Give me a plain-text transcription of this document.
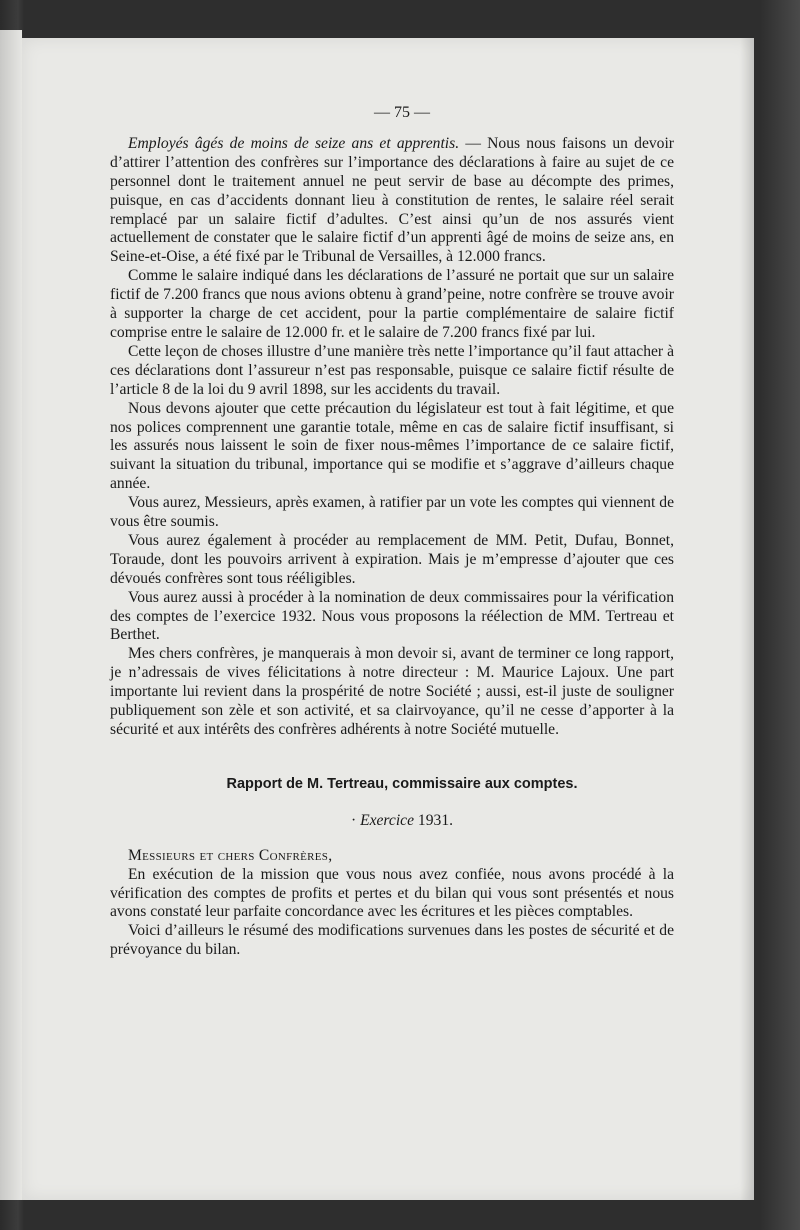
— 75 —

Employés âgés de moins de seize ans et apprentis. — Nous nous faisons un devoir d’attirer l’attention des confrères sur l’importance des déclarations à faire au sujet de ce personnel dont le traitement annuel ne peut servir de base au décompte des primes, puisque, en cas d’accidents donnant lieu à constitution de rentes, le salaire réel serait remplacé par un salaire fictif d’adultes. C’est ainsi qu’un de nos assurés vient actuellement de constater que le salaire fictif d’un apprenti âgé de moins de seize ans, en Seine-et-Oise, a été fixé par le Tribunal de Versailles, à 12.000 francs.

Comme le salaire indiqué dans les déclarations de l’assuré ne portait que sur un salaire fictif de 7.200 francs que nous avions obtenu à grand’peine, notre confrère se trouve avoir à supporter la charge de cet accident, pour la partie complémentaire de salaire fictif comprise entre le salaire de 12.000 fr. et le salaire de 7.200 francs fixé par lui.

Cette leçon de choses illustre d’une manière très nette l’importance qu’il faut attacher à ces déclarations dont l’assureur n’est pas responsable, puisque ce salaire fictif résulte de l’article 8 de la loi du 9 avril 1898, sur les accidents du travail.

Nous devons ajouter que cette précaution du législateur est tout à fait légitime, et que nos polices comprennent une garantie totale, même en cas de salaire fictif insuffisant, si les assurés nous laissent le soin de fixer nous-mêmes l’importance de ce salaire fictif, suivant la situation du tribunal, importance qui se modifie et s’aggrave d’ailleurs chaque année.

Vous aurez, Messieurs, après examen, à ratifier par un vote les comptes qui viennent de vous être soumis.

Vous aurez également à procéder au remplacement de MM. Petit, Dufau, Bonnet, Toraude, dont les pouvoirs arrivent à expiration. Mais je m’empresse d’ajouter que ces dévoués confrères sont tous rééligibles.

Vous aurez aussi à procéder à la nomination de deux commissaires pour la vérification des comptes de l’exercice 1932. Nous vous proposons la réélection de MM. Tertreau et Berthet.

Mes chers confrères, je manquerais à mon devoir si, avant de terminer ce long rapport, je n’adressais de vives félicitations à notre directeur : M. Maurice Lajoux. Une part importante lui revient dans la prospérité de notre Société ; aussi, est-il juste de souligner publiquement son zèle et son activité, et sa clairvoyance, qu’il ne cesse d’apporter à la sécurité et aux intérêts des confrères adhérents à notre Société mutuelle.

Rapport de M. Tertreau, commissaire aux comptes.

· Exercice 1931.

Messieurs et chers Confrères,

En exécution de la mission que vous nous avez confiée, nous avons procédé à la vérification des comptes de profits et pertes et du bilan qui vous sont présentés et nous avons constaté leur parfaite concordance avec les écritures et les pièces comptables.

Voici d’ailleurs le résumé des modifications survenues dans les postes de sécurité et de prévoyance du bilan.
